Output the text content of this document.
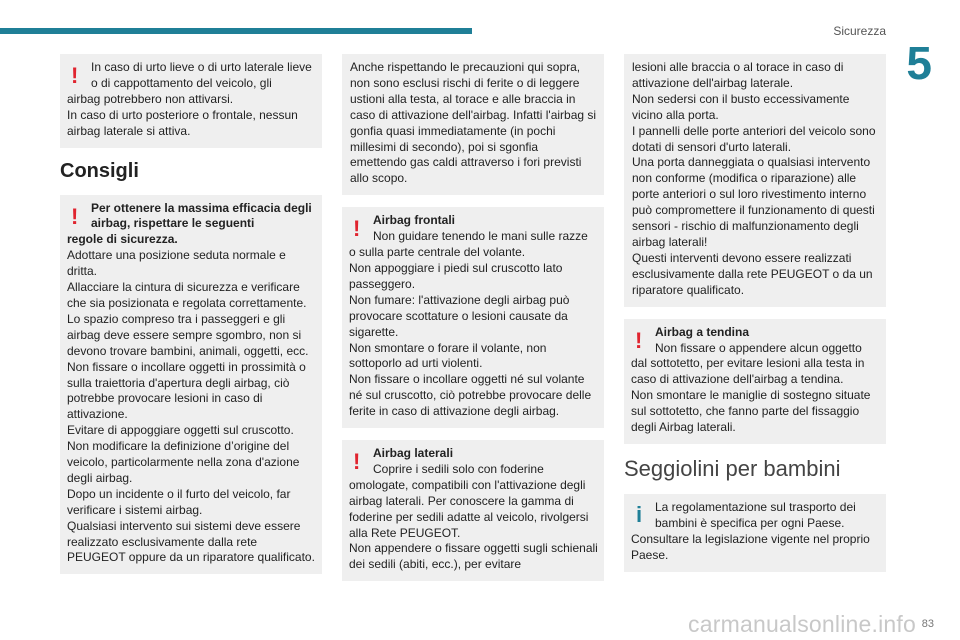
Sicurezza
5
!	In caso di urto lieve o di urto laterale lieve o di cappottamento del veicolo, gli

airbag potrebbero non attivarsi.

In caso di urto posteriore o frontale, nessun airbag laterale si attiva.

Consigli
!	Per ottenere la massima efficacia degli airbag, rispettare le seguenti

regole di sicurezza.

Adottare una posizione seduta normale e dritta.

Allacciare la cintura di sicurezza e verificare che sia posizionata e regolata correttamente.

Lo spazio compreso tra i passeggeri e gli airbag deve essere sempre sgombro, non si devono trovare bambini, animali, oggetti, ecc.

Non fissare o incollare oggetti in prossimità o sulla traiettoria d'apertura degli airbag, ciò potrebbe provocare lesioni in caso di attivazione.

Evitare di appoggiare oggetti sul cruscotto.

Non modificare la definizione d’origine del veicolo, particolarmente nella zona d'azione degli airbag.

Dopo un incidente o il furto del veicolo, far verificare i sistemi airbag.

Qualsiasi intervento sui sistemi deve essere realizzato esclusivamente dalla rete PEUGEOT oppure da un riparatore qualificato.

Anche rispettando le precauzioni qui sopra, non sono esclusi rischi di ferite o di leggere ustioni alla testa, al torace e alle braccia in caso di attivazione dell'airbag. Infatti l'airbag si gonfia quasi immediatamente (in pochi millesimi di secondo), poi si sgonfia emettendo gas caldi attraverso i fori previsti allo scopo.
!	Airbag frontali

Non guidare tenendo le mani sulle razze

o sulla parte centrale del volante.

Non appoggiare i piedi sul cruscotto lato passeggero.

Non fumare: l'attivazione degli airbag può provocare scottature o lesioni causate da sigarette.

Non smontare o forare il volante, non sottoporlo ad urti violenti.

Non fissare o incollare oggetti né sul volante né sul cruscotto, ciò potrebbe provocare delle ferite in caso di attivazione degli airbag.

!	Airbag laterali

Coprire i sedili solo con foderine

omologate, compatibili con l'attivazione degli airbag laterali. Per conoscere la gamma di foderine per sedili adatte al veicolo, rivolgersi alla Rete PEUGEOT.

Non appendere o fissare oggetti sugli schienali dei sedili (abiti, ecc.), per evitare

lesioni alle braccia o al torace in caso di attivazione dell'airbag laterale.

Non sedersi con il busto eccessivamente vicino alla porta.

I pannelli delle porte anteriori del veicolo sono dotati di sensori d'urto laterali.

Una porta danneggiata o qualsiasi intervento non conforme (modifica o riparazione) alle porte anteriori o sul loro rivestimento interno può compromettere il funzionamento di questi sensori - rischio di malfunzionamento degli airbag laterali!

Questi interventi devono essere realizzati esclusivamente dalla rete PEUGEOT o da un riparatore qualificato.

!	Airbag a tendina

Non fissare o appendere alcun oggetto

dal sottotetto, per evitare lesioni alla testa in caso di attivazione dell'airbag a tendina.

Non smontare le maniglie di sostegno situate sul sottotetto, che fanno parte del fissaggio degli Airbag laterali.

Seggiolini per bambini
i	La regolamentazione sul trasporto dei bambini è specifica per ogni Paese.

Consultare la legislazione vigente nel proprio Paese.

83
carmanualsonline.info
